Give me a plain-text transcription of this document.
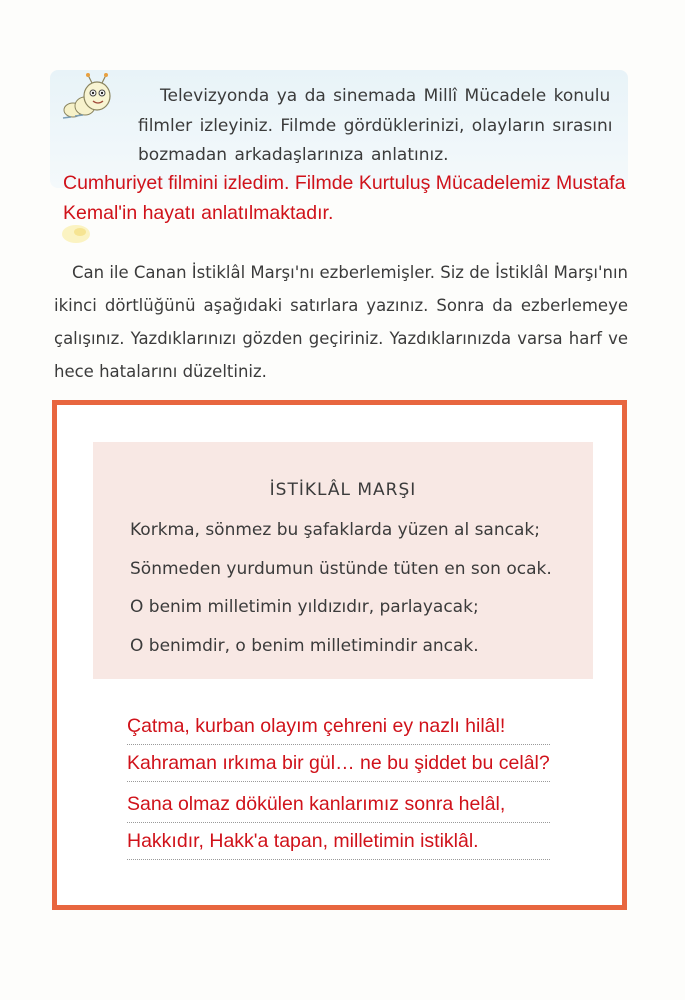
Televizyonda ya da sinemada Millî Mücadele konulu filmler izleyiniz. Filmde gördüklerinizi, olayların sırasını bozmadan arkadaşlarınıza anlatınız.

Cumhuriyet filmini izledim. Filmde Kurtuluş Mücadelemiz Mustafa Kemal'in hayatı anlatılmaktadır.

Can ile Canan İstiklâl Marşı'nı ezberlemişler. Siz de İstiklâl Marşı'nın ikinci dörtlüğünü aşağıdaki satırlara yazınız. Sonra da ezberlemeye çalışınız. Yazdıklarınızı gözden geçiriniz. Yazdıklarınızda varsa harf ve hece hatalarını düzeltiniz.

İSTİKLÂL MARŞI
Korkma, sönmez bu şafaklarda yüzen al sancak;
Sönmeden yurdumun üstünde tüten en son ocak.
O benim milletimin yıldızıdır, parlayacak;
O benimdir, o benim milletimindir ancak.
Çatma, kurban olayım çehreni ey nazlı hilâl!
Kahraman ırkıma bir gül… ne bu şiddet bu celâl?
Sana olmaz dökülen kanlarımız sonra helâl,
Hakkıdır, Hakk'a tapan, milletimin istiklâl.
